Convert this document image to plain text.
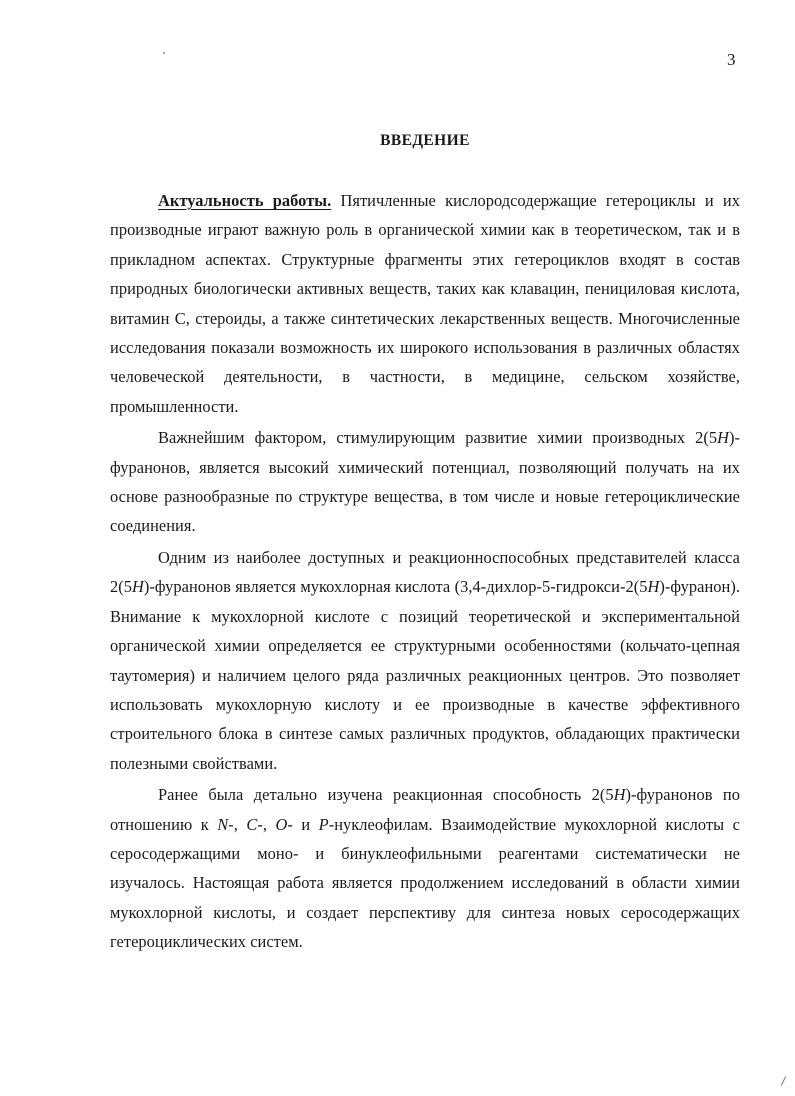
3
ВВЕДЕНИЕ

Актуальность работы. Пятичленные кислородсодержащие гетероциклы и их производные играют важную роль в органической химии как в теоретическом, так и в прикладном аспектах. Структурные фрагменты этих гетероциклов входят в состав природных биологически активных веществ, таких как клавацин, пенициловая кислота, витамин С, стероиды, а также синтетических лекарственных веществ. Многочисленные исследования показали возможность их широкого использования в различных областях человеческой деятельности, в частности, в медицине, сельском хозяйстве, промышленности.

Важнейшим фактором, стимулирующим развитие химии производных 2(5H)-фуранонов, является высокий химический потенциал, позволяющий получать на их основе разнообразные по структуре вещества, в том числе и новые гетероциклические соединения.

Одним из наиболее доступных и реакционноспособных представителей класса 2(5H)-фуранонов является мукохлорная кислота (3,4-дихлор-5-гидрокси-2(5H)-фуранон). Внимание к мукохлорной кислоте с позиций теоретической и экспериментальной органической химии определяется ее структурными особенностями (кольчато-цепная таутомерия) и наличием целого ряда различных реакционных центров. Это позволяет использовать мукохлорную кислоту и ее производные в качестве эффективного строительного блока в синтезе самых различных продуктов, обладающих практически полезными свойствами.

Ранее была детально изучена реакционная способность 2(5H)-фуранонов по отношению к N-, C-, O- и P-нуклеофилам. Взаимодействие мукохлорной кислоты с серосодержащими моно- и бинуклеофильными реагентами систематически не изучалось. Настоящая работа является продолжением исследований в области химии мукохлорной кислоты, и создает перспективу для синтеза новых серосодержащих гетероциклических систем.
